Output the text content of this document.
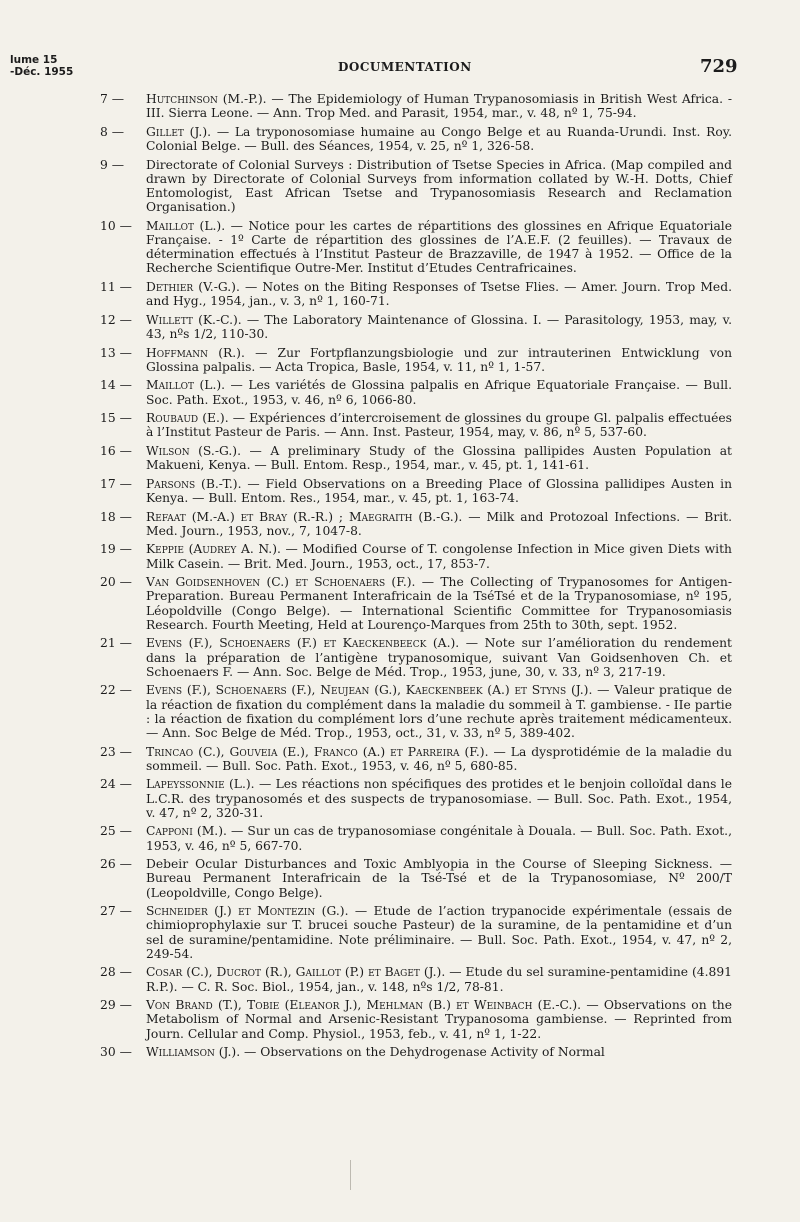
lume 15
-Déc. 1955	DOCUMENTATION	729
7 —	Hutchinson (M.-P.). — The Epidemiology of Human Trypanosomiasis in British West Africa. - III. Sierra Leone. — Ann. Trop Med. and Parasit, 1954, mar., v. 48, nº 1, 75-94.
8 —	Gillet (J.). — La tryponosomiase humaine au Congo Belge et au Ruanda-Urundi. Inst. Roy. Colonial Belge. — Bull. des Séances, 1954, v. 25, nº 1, 326-58.
9 —	Directorate of Colonial Surveys : Distribution of Tsetse Species in Africa. (Map compiled and drawn by Directorate of Colonial Surveys from information collated by W.-H. Dotts, Chief Entomologist, East African Tsetse and Trypanosomiasis Research and Reclamation Organisation.)
10 —	Maillot (L.). — Notice pour les cartes de répartitions des glossines en Afrique Equatoriale Française. - 1º Carte de répartition des glossines de l’A.E.F. (2 feuilles). — Travaux de détermination effectués à l’Institut Pasteur de Brazzaville, de 1947 à 1952. — Office de la Recherche Scientifique Outre-Mer. Institut d’Etudes Centrafricaines.
11 —	Dethier (V.-G.). — Notes on the Biting Responses of Tsetse Flies. — Amer. Journ. Trop Med. and Hyg., 1954, jan., v. 3, nº 1, 160-71.
12 —	Willett (K.-C.). — The Laboratory Maintenance of Glossina. I. — Parasitology, 1953, may, v. 43, nºs 1/2, 110-30.
13 —	Hoffmann (R.). — Zur Fortpflanzungsbiologie und zur intrauterinen Entwicklung von Glossina palpalis. — Acta Tropica, Basle, 1954, v. 11, nº 1, 1-57.
14 —	Maillot (L.). — Les variétés de Glossina palpalis en Afrique Equatoriale Française. — Bull. Soc. Path. Exot., 1953, v. 46, nº 6, 1066-80.
15 —	Roubaud (E.). — Expériences d’intercroisement de glossines du groupe Gl. palpalis effectuées à l’Institut Pasteur de Paris. — Ann. Inst. Pasteur, 1954, may, v. 86, nº 5, 537-60.
16 —	Wilson (S.-G.). — A preliminary Study of the Glossina pallipides Austen Population at Makueni, Kenya. — Bull. Entom. Resp., 1954, mar., v. 45, pt. 1, 141-61.
17 —	Parsons (B.-T.). — Field Observations on a Breeding Place of Glossina pallidipes Austen in Kenya. — Bull. Entom. Res., 1954, mar., v. 45, pt. 1, 163-74.
18 —	Refaat (M.-A.) et Bray (R.-R.) ; Maegraith (B.-G.). — Milk and Protozoal Infections. — Brit. Med. Journ., 1953, nov., 7, 1047-8.
19 —	Keppie (Audrey A. N.). — Modified Course of T. congolense Infection in Mice given Diets with Milk Casein. — Brit. Med. Journ., 1953, oct., 17, 853-7.
20 —	Van Goidsenhoven (C.) et Schoenaers (F.). — The Collecting of Trypanosomes for Antigen-Preparation. Bureau Permanent Interafricain de la TséTsé et de la Trypanosomiase, nº 195, Léopoldville (Congo Belge). — International Scientific Committee for Trypanosomiasis Research. Fourth Meeting, Held at Lourenço-Marques from 25th to 30th, sept. 1952.
21 —	Evens (F.), Schoenaers (F.) et Kaeckenbeeck (A.). — Note sur l’amélioration du rendement dans la préparation de l’antigène trypanosomique, suivant Van Goidsenhoven Ch. et Schoenaers F. — Ann. Soc. Belge de Méd. Trop., 1953, june, 30, v. 33, nº 3, 217-19.
22 —	Evens (F.), Schoenaers (F.), Neujean (G.), Kaeckenbeek (A.) et Styns (J.). — Valeur pratique de la réaction de fixation du complément dans la maladie du sommeil à T. gambiense. - IIe partie : la réaction de fixation du complément lors d’une rechute après traitement médicamenteux. — Ann. Soc Belge de Méd. Trop., 1953, oct., 31, v. 33, nº 5, 389-402.
23 —	Trincao (C.), Gouveia (E.), Franco (A.) et Parreira (F.). — La dysprotidémie de la maladie du sommeil. — Bull. Soc. Path. Exot., 1953, v. 46, nº 5, 680-85.
24 —	Lapeyssonnie (L.). — Les réactions non spécifiques des protides et le benjoin colloïdal dans le L.C.R. des trypanosomés et des suspects de trypanosomiase. — Bull. Soc. Path. Exot., 1954, v. 47, nº 2, 320-31.
25 —	Capponi (M.). — Sur un cas de trypanosomiase congénitale à Douala. — Bull. Soc. Path. Exot., 1953, v. 46, nº 5, 667-70.
26 —	Debeir Ocular Disturbances and Toxic Amblyopia in the Course of Sleeping Sickness. — Bureau Permanent Interafricain de la Tsé-Tsé et de la Trypanosomiase, Nº 200/T (Leopoldville, Congo Belge).
27 —	Schneider (J.) et Montezin (G.). — Etude de l’action trypanocide expérimentale (essais de chimioprophylaxie sur T. brucei souche Pasteur) de la suramine, de la pentamidine et d’un sel de suramine/pentamidine. Note préliminaire. — Bull. Soc. Path. Exot., 1954, v. 47, nº 2, 249-54.
28 —	Cosar (C.), Ducrot (R.), Gaillot (P.) et Baget (J.). — Etude du sel suramine-pentamidine (4.891 R.P.). — C. R. Soc. Biol., 1954, jan., v. 148, nºs 1/2, 78-81.
29 —	Von Brand (T.), Tobie (Eleanor J.), Mehlman (B.) et Weinbach (E.-C.). — Observations on the Metabolism of Normal and Arsenic-Resistant Trypanosoma gambiense. — Reprinted from Journ. Cellular and Comp. Physiol., 1953, feb., v. 41, nº 1, 1-22.
30 —	Williamson (J.). — Observations on the Dehydrogenase Activity of Normal
